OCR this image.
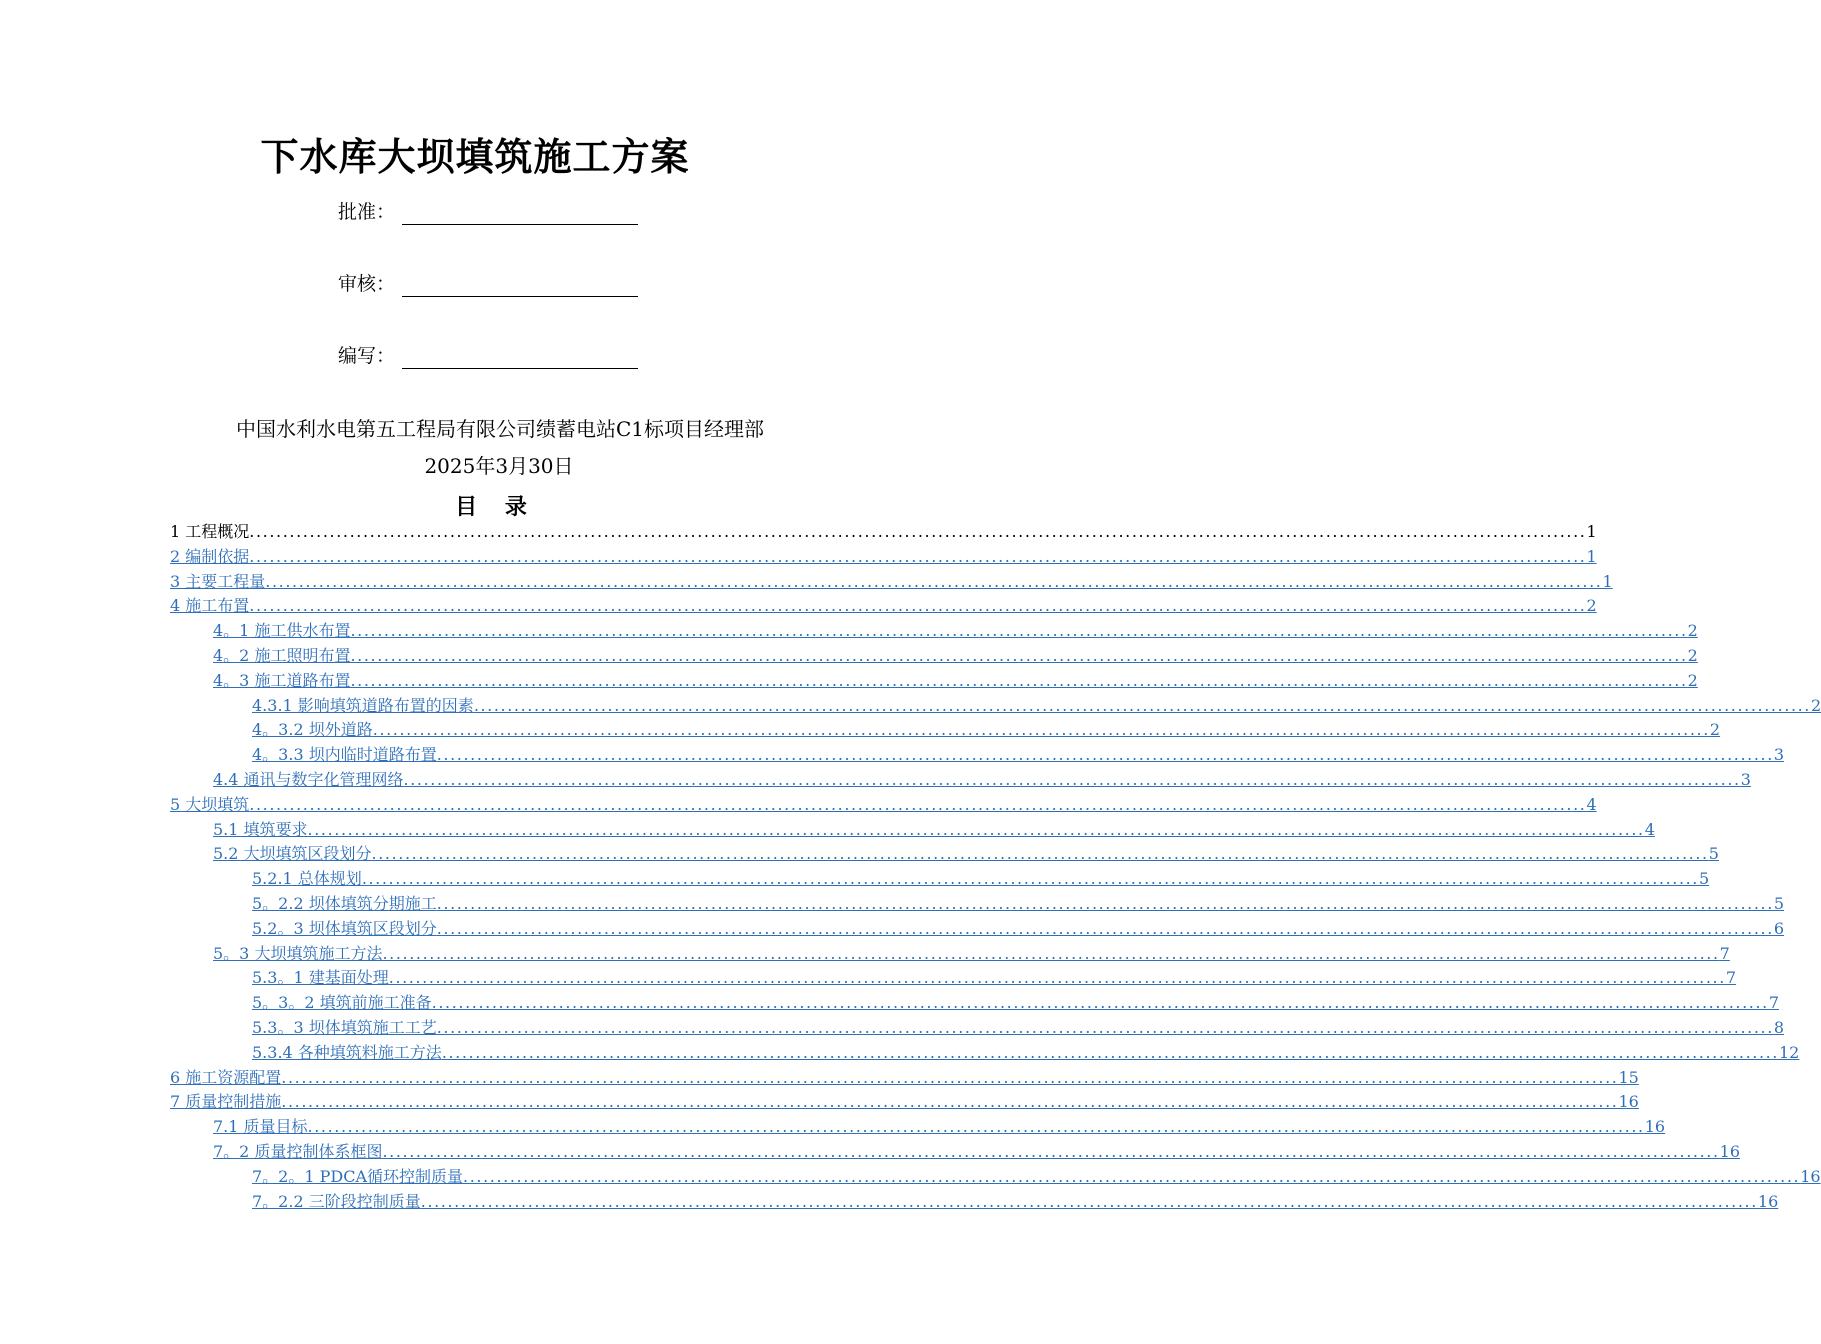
下水库大坝填筑施工方案
批准：
审核：
编写：
中国水利水电第五工程局有限公司绩蓄电站C1标项目经理部
2025年3月30日
目 录
1 工程概况 ........................................................................................................................................................................................................ 1
2 编制依据 ........................................................................................................................................................................................................ 1
3 主要工程量 ........................................................................................................................................................................................................ 1
4 施工布置 ........................................................................................................................................................................................................ 2
4。1 施工供水布置 ........................................................................................................................................................................................................ 2
4。2 施工照明布置 ........................................................................................................................................................................................................ 2
4。3 施工道路布置 ........................................................................................................................................................................................................ 2
4.3.1 影响填筑道路布置的因素 ........................................................................................................................................................................................................ 2
4。3.2 坝外道路 ........................................................................................................................................................................................................ 2
4。3.3 坝内临时道路布置 ........................................................................................................................................................................................................ 3
4.4 通讯与数字化管理网络 ........................................................................................................................................................................................................ 3
5 大坝填筑 ........................................................................................................................................................................................................ 4
5.1 填筑要求 ........................................................................................................................................................................................................ 4
5.2 大坝填筑区段划分 ........................................................................................................................................................................................................ 5
5.2.1 总体规划 ........................................................................................................................................................................................................ 5
5。2.2 坝体填筑分期施工 ........................................................................................................................................................................................................ 5
5.2。3 坝体填筑区段划分 ........................................................................................................................................................................................................ 6
5。3 大坝填筑施工方法 ........................................................................................................................................................................................................ 7
5.3。1 建基面处理 ........................................................................................................................................................................................................ 7
5。3。2 填筑前施工准备 ........................................................................................................................................................................................................ 7
5.3。3 坝体填筑施工工艺 ........................................................................................................................................................................................................ 8
5.3.4 各种填筑料施工方法 ........................................................................................................................................................................................................ 12
6 施工资源配置 ........................................................................................................................................................................................................ 15
7 质量控制措施 ........................................................................................................................................................................................................ 16
7.1 质量目标 ........................................................................................................................................................................................................ 16
7。2 质量控制体系框图 ........................................................................................................................................................................................................ 16
7。2。1 PDCA循环控制质量 ........................................................................................................................................................................................................ 16
7。2.2 三阶段控制质量 ........................................................................................................................................................................................................ 16
